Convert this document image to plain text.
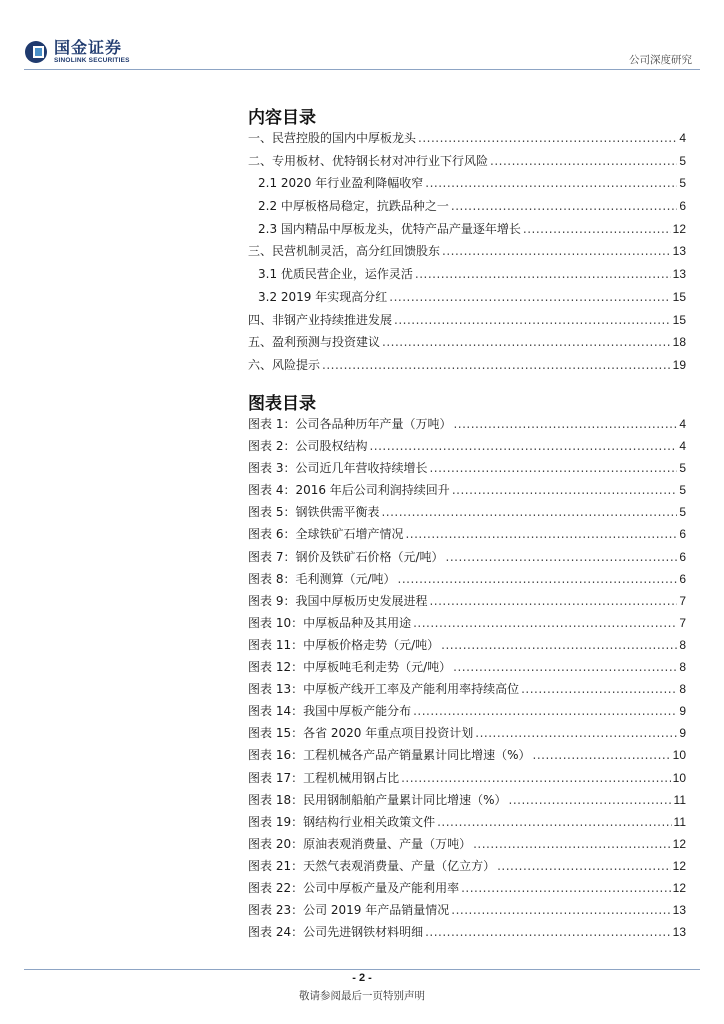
国金证券
SINOLINK SECURITIES	公司深度研究
内容目录
一、民营控股的国内中厚板龙头 .....	4
二、专用板材、优特钢长材对冲行业下行风险 .....	5
2.1 2020 年行业盈利降幅收窄 .....	5
2.2 中厚板格局稳定，抗跌品种之一 .....	6
2.3 国内精品中厚板龙头，优特产品产量逐年增长 .....	12
三、民营机制灵活，高分红回馈股东 .....	13
3.1 优质民营企业，运作灵活 .....	13
3.2 2019 年实现高分红 .....	15
四、非钢产业持续推进发展 .....	15
五、盈利预测与投资建议 .....	18
六、风险提示 .....	19
图表目录
图表 1：公司各品种历年产量（万吨） .....	4
图表 2：公司股权结构 .....	4
图表 3：公司近几年营收持续增长 .....	5
图表 4：2016 年后公司利润持续回升 .....	5
图表 5：钢铁供需平衡表 .....	5
图表 6：全球铁矿石增产情况 .....	6
图表 7：钢价及铁矿石价格（元/吨） .....	6
图表 8：毛利测算（元/吨） .....	6
图表 9：我国中厚板历史发展进程 .....	7
图表 10：中厚板品种及其用途 .....	7
图表 11：中厚板价格走势（元/吨） .....	8
图表 12：中厚板吨毛利走势（元/吨） .....	8
图表 13：中厚板产线开工率及产能利用率持续高位 .....	8
图表 14：我国中厚板产能分布 .....	9
图表 15：各省 2020 年重点项目投资计划 .....	9
图表 16：工程机械各产品产销量累计同比增速（%） .....	10
图表 17：工程机械用钢占比 .....	10
图表 18：民用钢制船舶产量累计同比增速（%） .....	11
图表 19：钢结构行业相关政策文件 .....	11
图表 20：原油表观消费量、产量（万吨） .....	12
图表 21：天然气表观消费量、产量（亿立方） .....	12
图表 22：公司中厚板产量及产能利用率 .....	12
图表 23：公司 2019 年产品销量情况 .....	13
图表 24：公司先进钢铁材料明细 .....	13
- 2 -
敬请参阅最后一页特别声明
